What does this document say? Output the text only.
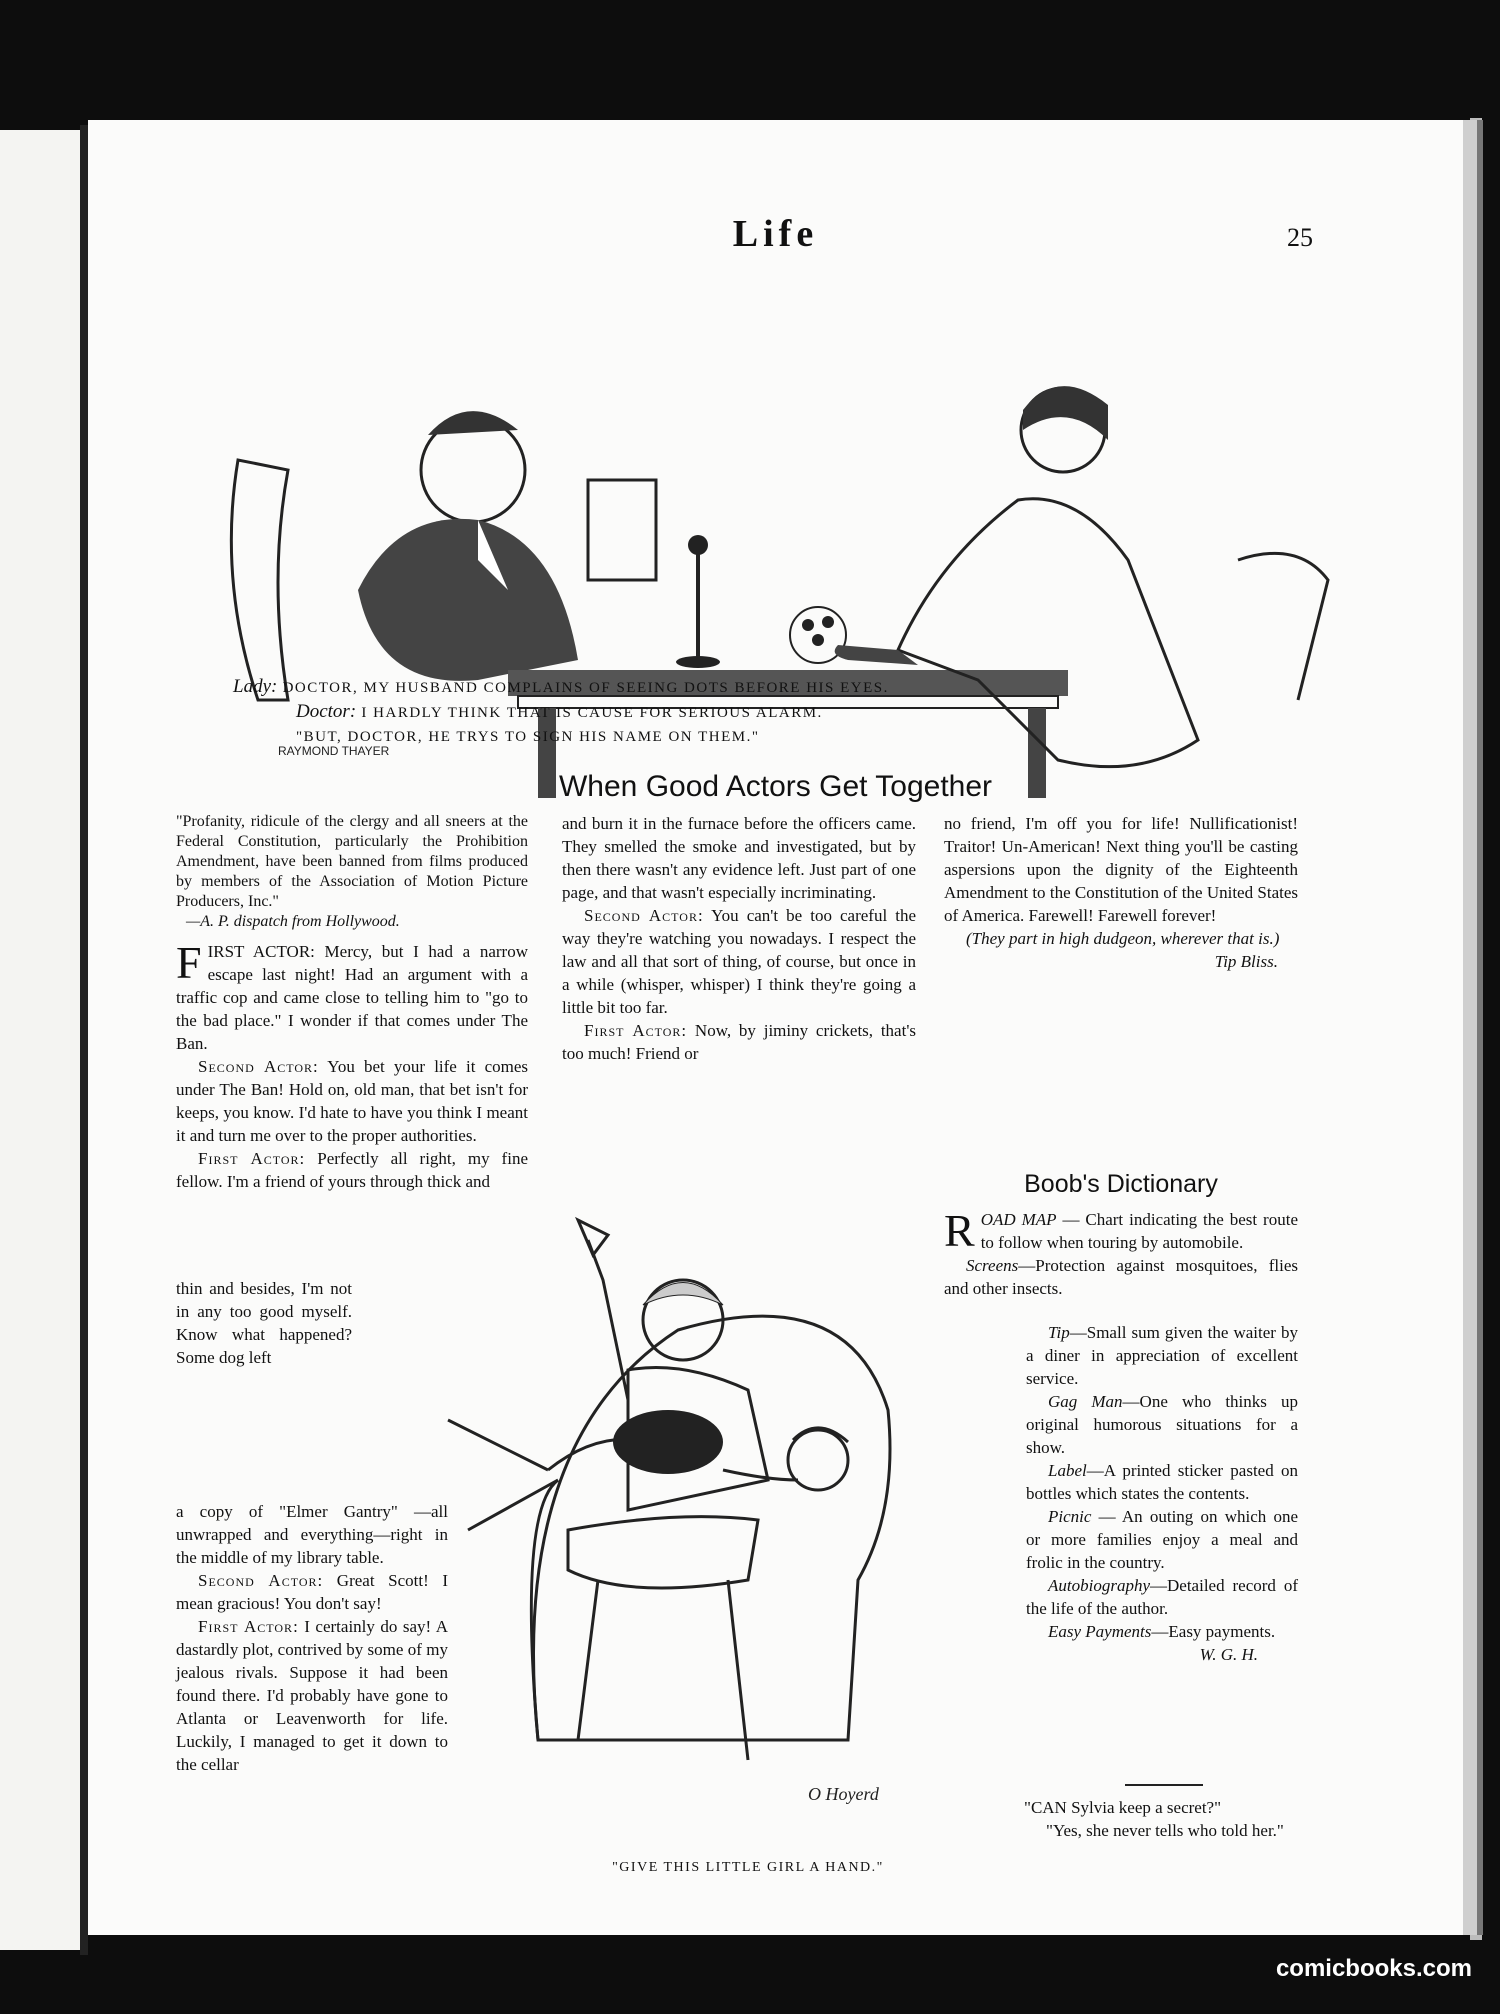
Life	25
RAYMOND THAYER
Lady: DOCTOR, MY HUSBAND COMPLAINS OF SEEING DOTS BEFORE HIS EYES.
Doctor: I HARDLY THINK THAT IS CAUSE FOR SERIOUS ALARM.
"BUT, DOCTOR, HE TRYS TO SIGN HIS NAME ON THEM."
When Good Actors Get Together

"Profanity, ridicule of the clergy and all sneers at the Federal Constitution, particularly the Prohibition Amendment, have been banned from films produced by members of the Association of Motion Picture Producers, Inc."

—A. P. dispatch from Hollywood.

FIRST ACTOR: Mercy, but I had a narrow escape last night! Had an argument with a traffic cop and came close to telling him to "go to the bad place." I wonder if that comes under The Ban.

Second Actor: You bet your life it comes under The Ban! Hold on, old man, that bet isn't for keeps, you know. I'd hate to have you think I meant it and turn me over to the proper authorities.

First Actor: Perfectly all right, my fine fellow. I'm a friend of yours through thick and

thin and besides, I'm not in any too good myself. Know what happened? Some dog left

a copy of "Elmer Gantry" —all unwrapped and everything—right in the middle of my library table.

Second Actor: Great Scott! I mean gracious! You don't say!

First Actor: I certainly do say! A dastardly plot, contrived by some of my jealous rivals. Suppose it had been found there. I'd probably have gone to Atlanta or Leavenworth for life. Luckily, I managed to get it down to the cellar

and burn it in the furnace before the officers came. They smelled the smoke and investigated, but by then there wasn't any evidence left. Just part of one page, and that wasn't especially incriminating.

Second Actor: You can't be too careful the way they're watching you nowadays. I respect the law and all that sort of thing, of course, but once in a while (whisper, whisper) I think they're going a little bit too far.

First Actor: Now, by jiminy crickets, that's too much! Friend or

no friend, I'm off you for life! Nullificationist! Traitor! Un-American! Next thing you'll be casting aspersions upon the dignity of the Eighteenth Amendment to the Constitution of the United States of America. Farewell! Farewell forever!

(They part in high dudgeon, wherever that is.)

Tip Bliss.

Boob's Dictionary

ROAD MAP — Chart indicating the best route to follow when touring by automobile.

Screens—Protection against mosquitoes, flies and other insects.

Tip—Small sum given the waiter by a diner in appreciation of excellent service.

Gag Man—One who thinks up original humorous situations for a show.

Label—A printed sticker pasted on bottles which states the contents.

Picnic — An outing on which one or more families enjoy a meal and frolic in the country.

Autobiography—Detailed record of the life of the author.

Easy Payments—Easy payments.

W. G. H.

"CAN Sylvia keep a secret?"

"Yes, she never tells who told her."

O Hoyerd
"GIVE THIS LITTLE GIRL A HAND."
comicbooks.com
